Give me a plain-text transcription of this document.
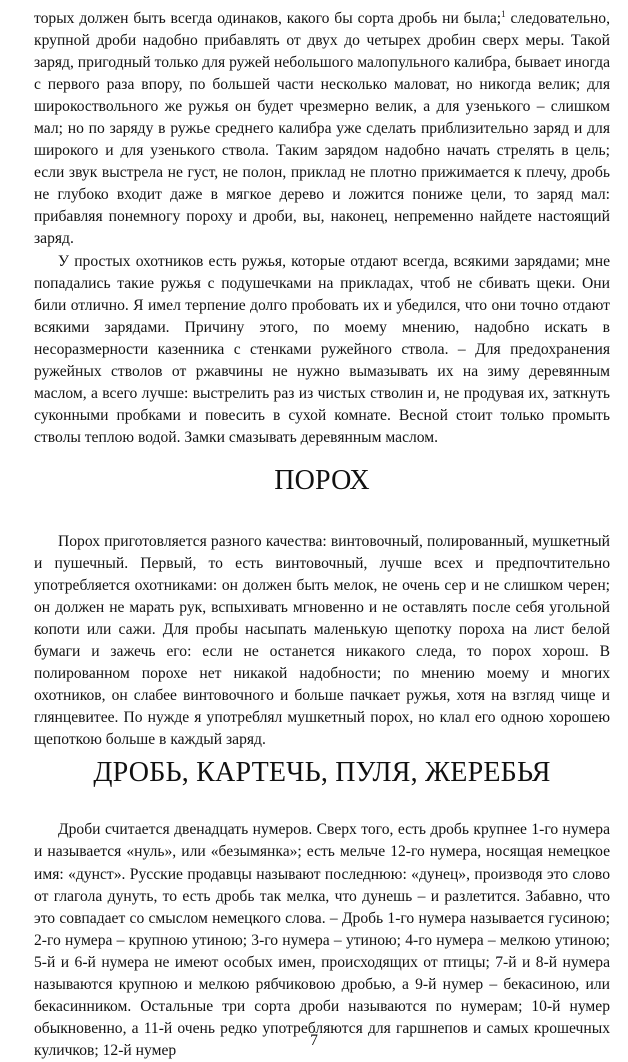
торых должен быть всегда одинаков, какого бы сорта дробь ни была;$^1$ следовательно, крупной дроби надобно прибавлять от двух до четырех дробин сверх меры. Такой заряд, пригодный только для ружей небольшого малопульного калибра, бывает иногда с первого раза впору, по большей части несколько маловат, но никогда велик; для широкоствольного же ружья он будет чрезмерно велик, а для узенького – слишком мал; но по заряду в ружье среднего калибра уже сделать приблизительно заряд и для широкого и для узенького ствола. Таким зарядом надобно начать стрелять в цель; если звук выстрела не густ, не полон, приклад не плотно прижимается к плечу, дробь не глубоко входит даже в мягкое дерево и ложится пониже цели, то заряд мал: прибавляя понемногу пороху и дроби, вы, наконец, непременно найдете настоящий заряд.

У простых охотников есть ружья, которые отдают всегда, всякими зарядами; мне попадались такие ружья с подушечками на прикладах, чтоб не сбивать щеки. Они били отлично. Я имел терпение долго пробовать их и убедился, что они точно отдают всякими зарядами. Причину этого, по моему мнению, надобно искать в несоразмерности казенника с стенками ружейного ствола. – Для предохранения ружейных стволов от ржавчины не нужно вымазывать их на зиму деревянным маслом, а всего лучше: выстрелить раз из чистых стволин и, не продувая их, заткнуть суконными пробками и повесить в сухой комнате. Весной стоит только промыть стволы теплою водой. Замки смазывать деревянным маслом.

ПОРОХ

Порох приготовляется разного качества: винтовочный, полированный, мушкетный и пушечный. Первый, то есть винтовочный, лучше всех и предпочтительно употребляется охотниками: он должен быть мелок, не очень сер и не слишком черен; он должен не марать рук, вспыхивать мгновенно и не оставлять после себя угольной копоти или сажи. Для пробы насыпать маленькую щепотку пороха на лист белой бумаги и зажечь его: если не останется никакого следа, то порох хорош. В полированном порохе нет никакой надобности; по мнению моему и многих охотников, он слабее винтовочного и больше пачкает ружья, хотя на взгляд чище и глянцевитее. По нужде я употреблял мушкетный порох, но клал его одною хорошею щепоткою больше в каждый заряд.

ДРОБЬ, КАРТЕЧЬ, ПУЛЯ, ЖЕРЕБЬЯ

Дроби считается двенадцать нумеров. Сверх того, есть дробь крупнее 1-го нумера и называется «нуль», или «безымянка»; есть мельче 12-го нумера, носящая немецкое имя: «дунст». Русские продавцы называют последнюю: «дунец», производя это слово от глагола дунуть, то есть дробь так мелка, что дунешь – и разлетится. Забавно, что это совпадает со смыслом немецкого слова. – Дробь 1-го нумера называется гусиною; 2-го нумера – крупною утиною; 3-го нумера – утиною; 4-го нумера – мелкою утиною; 5-й и 6-й нумера не имеют особых имен, происходящих от птицы; 7-й и 8-й нумера называются крупною и мелкою рябчиковою дробью, а 9-й нумер – бекасиною, или бекасинником. Остальные три сорта дроби называются по нумерам; 10-й нумер обыкновенно, а 11-й очень редко употребляются для гаршнепов и самых крошечных куличков; 12-й нумер

7
